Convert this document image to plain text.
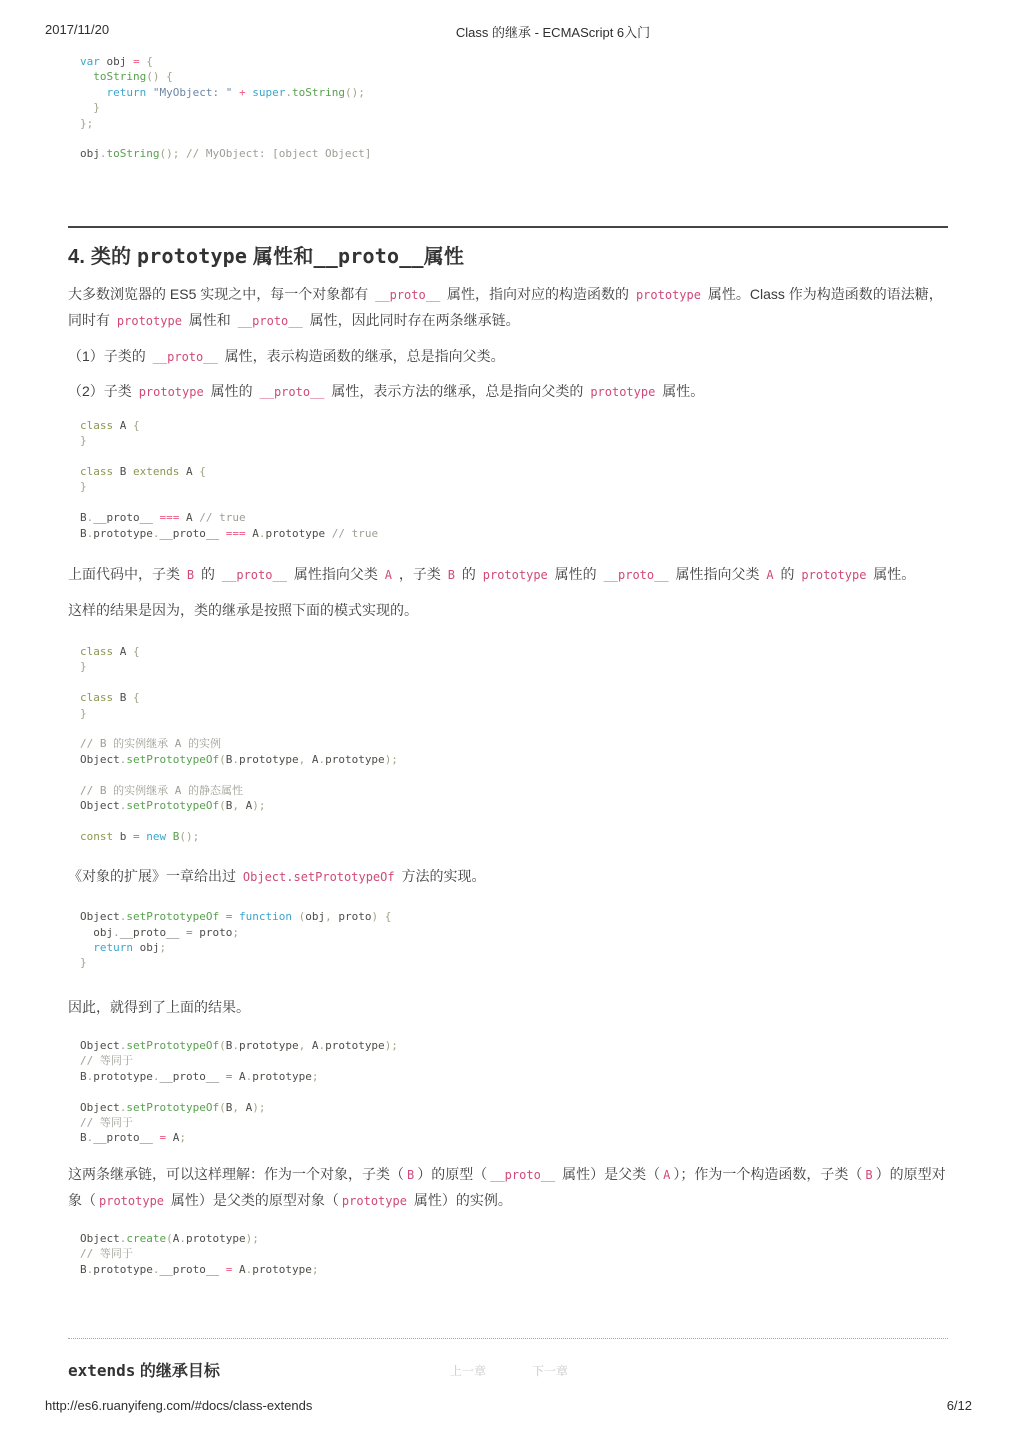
2017/11/20	Class 的继承 - ECMAScript 6入门
var obj = {
toString() {
return "MyObject: " + super.toString();
}
};
obj.toString(); // MyObject: [object Object]
4. 类的 prototype 属性和__proto__属性

大多数浏览器的 ES5 实现之中，每一个对象都有 __proto__ 属性，指向对应的构造函数的 prototype 属性。Class 作为构造函数的语法糖，同时有 prototype 属性和 __proto__ 属性，因此同时存在两条继承链。

（1）子类的 __proto__ 属性，表示构造函数的继承，总是指向父类。

（2）子类 prototype 属性的 __proto__ 属性，表示方法的继承，总是指向父类的 prototype 属性。

class A {
}
class B extends A {
}
B.__proto__ === A // true
B.prototype.__proto__ === A.prototype // true

上面代码中，子类 B 的 __proto__ 属性指向父类 A ，子类 B 的 prototype 属性的 __proto__ 属性指向父类 A 的 prototype 属性。

这样的结果是因为，类的继承是按照下面的模式实现的。

class A {
}
class B {
}
// B 的实例继承 A 的实例
Object.setPrototypeOf(B.prototype, A.prototype);
// B 的实例继承 A 的静态属性
Object.setPrototypeOf(B, A);
const b = new B();

《对象的扩展》一章给出过 Object.setPrototypeOf 方法的实现。

Object.setPrototypeOf = function (obj, proto) {
obj.__proto__ = proto;
return obj;
}

因此，就得到了上面的结果。

Object.setPrototypeOf(B.prototype, A.prototype);
// 等同于
B.prototype.__proto__ = A.prototype;
Object.setPrototypeOf(B, A);
// 等同于
B.__proto__ = A;

这两条继承链，可以这样理解：作为一个对象，子类（ B ）的原型（ __proto__ 属性）是父类（ A ）；作为一个构造函数，子类（ B ）的原型对象（ prototype 属性）是父类的原型对象（ prototype 属性）的实例。

Object.create(A.prototype);
// 等同于
B.prototype.__proto__ = A.prototype;
extends 的继承目标	上一章	下一章
http://es6.ruanyifeng.com/#docs/class-extends	6/12
